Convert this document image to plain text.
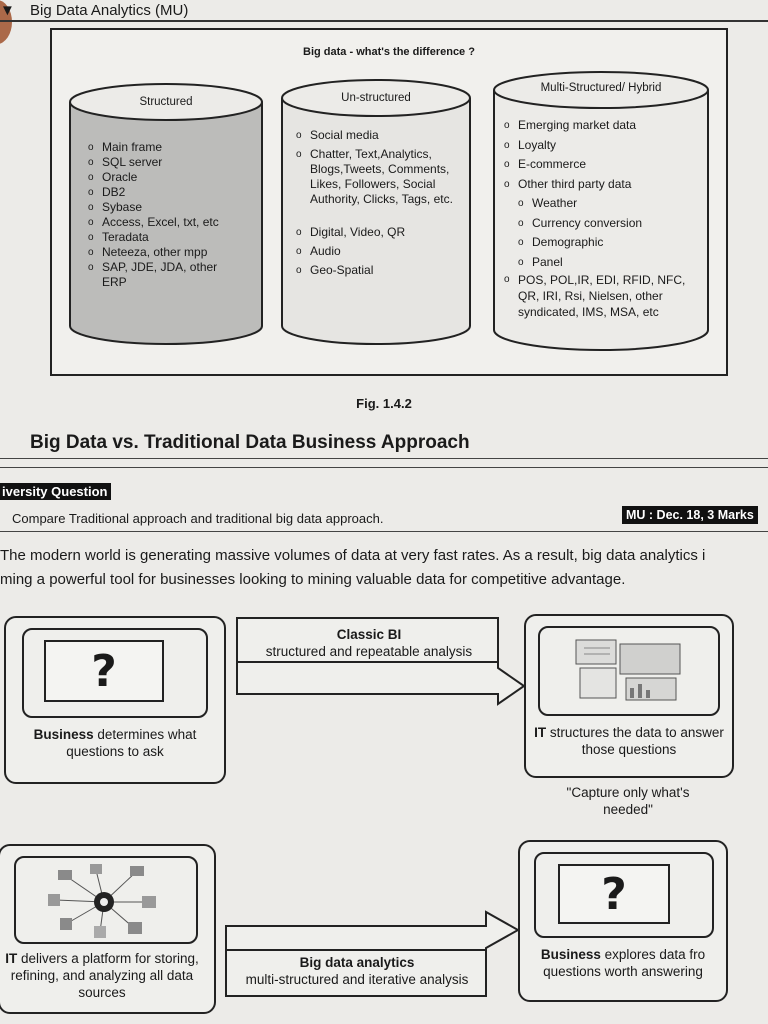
▼ Big Data Analytics (MU)
Big data - what's the difference ?
Structured
o Main frame
o SQL server
o Oracle
o DB2
o Sybase
o Access, Excel, txt, etc
o Teradata
o Neteeza, other mpp
o SAP, JDE, JDA, other ERP
Un-structured
o Social media
o Chatter, Text,Analytics, Blogs,Tweets, Comments, Likes, Followers, Social Authority, Clicks, Tags, etc.
o Digital, Video, QR
o Audio
o Geo-Spatial
Multi-Structured/ Hybrid
o Emerging market data
o Loyalty
o E-commerce
o Other third party data
o Weather
o Currency conversion
o Demographic
o Panel
o POS, POL,IR, EDI, RFID, NFC, QR, IRI, Rsi, Nielsen, other syndicated, IMS, MSA, etc
Fig. 1.4.2
Big Data vs. Traditional Data Business Approach
iversity Question
Compare Traditional approach and traditional big data approach.	MU : Dec. 18, 3 Marks
The modern world is generating massive volumes of data at very fast rates. As a result, big data analytics i
ming a powerful tool for businesses looking to mining valuable data for competitive advantage.
?
Business determines what questions to ask
Classic BI
structured and repeatable analysis
IT structures the data to answer those questions
"Capture only what's needed"
IT delivers a platform for storing, refining, and analyzing all data sources
Big data analytics
multi-structured and iterative analysis
?
Business explores data fro questions worth answering
